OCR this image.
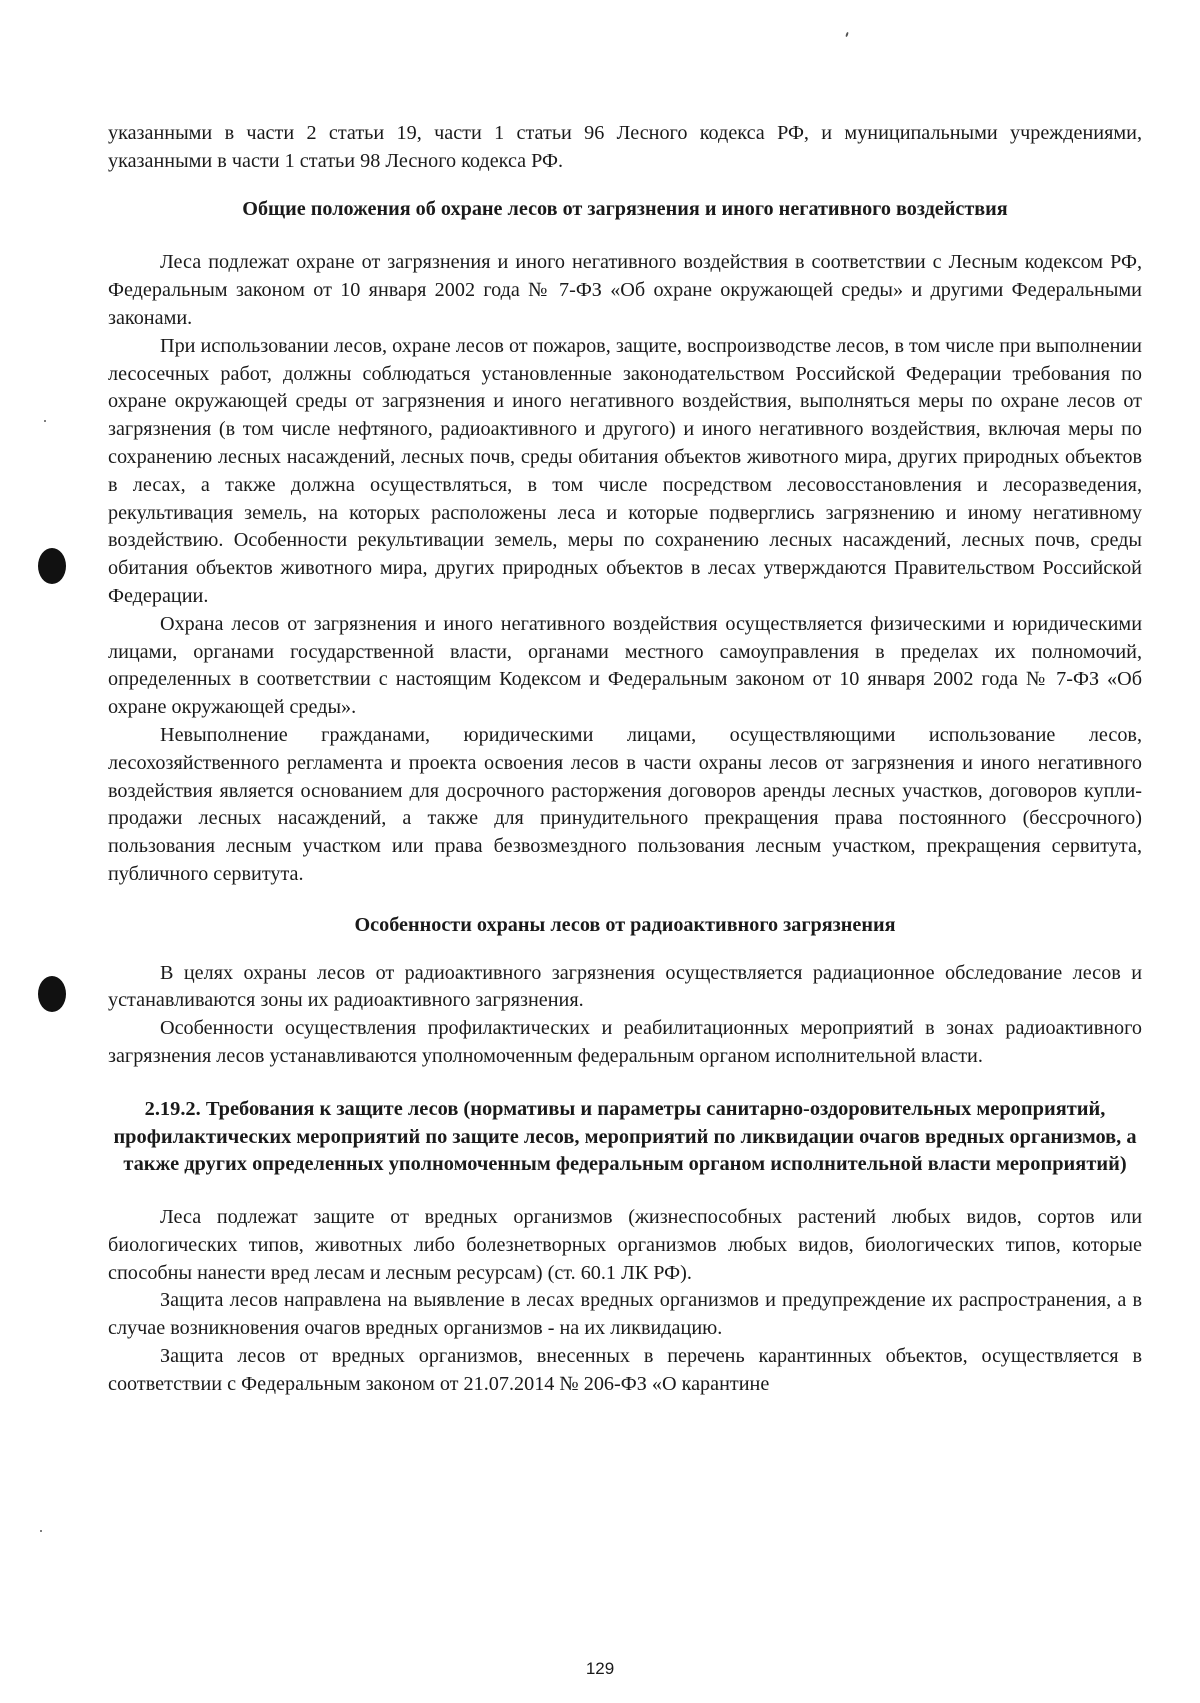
указанными в части 2 статьи 19, части 1 статьи 96 Лесного кодекса РФ, и муниципальными учреждениями, указанными в части 1 статьи 98 Лесного кодекса РФ.

Общие положения об охране лесов от загрязнения и иного негативного воздействия

Леса подлежат охране от загрязнения и иного негативного воздействия в соответствии с Лесным кодексом РФ, Федеральным законом от 10 января 2002 года № 7-ФЗ «Об охране окружающей среды» и другими Федеральными законами.

При использовании лесов, охране лесов от пожаров, защите, воспроизводстве лесов, в том числе при выполнении лесосечных работ, должны соблюдаться установленные законодательством Российской Федерации требования по охране окружающей среды от загрязнения и иного негативного воздействия, выполняться меры по охране лесов от загрязнения (в том числе нефтяного, радиоактивного и другого) и иного негативного воздействия, включая меры по сохранению лесных насаждений, лесных почв, среды обитания объектов животного мира, других природных объектов в лесах, а также должна осуществляться, в том числе посредством лесовосстановления и лесоразведения, рекультивация земель, на которых расположены леса и которые подверглись загрязнению и иному негативному воздействию. Особенности рекультивации земель, меры по сохранению лесных насаждений, лесных почв, среды обитания объектов животного мира, других природных объектов в лесах утверждаются Правительством Российской Федерации.

Охрана лесов от загрязнения и иного негативного воздействия осуществляется физическими и юридическими лицами, органами государственной власти, органами местного самоуправления в пределах их полномочий, определенных в соответствии с настоящим Кодексом и Федеральным законом от 10 января 2002 года № 7-ФЗ «Об охране окружающей среды».

Невыполнение гражданами, юридическими лицами, осуществляющими использование лесов, лесохозяйственного регламента и проекта освоения лесов в части охраны лесов от загрязнения и иного негативного воздействия является основанием для досрочного расторжения договоров аренды лесных участков, договоров купли-продажи лесных насаждений, а также для принудительного прекращения права постоянного (бессрочного) пользования лесным участком или права безвозмездного пользования лесным участком, прекращения сервитута, публичного сервитута.

Особенности охраны лесов от радиоактивного загрязнения

В целях охраны лесов от радиоактивного загрязнения осуществляется радиационное обследование лесов и устанавливаются зоны их радиоактивного загрязнения.

Особенности осуществления профилактических и реабилитационных мероприятий в зонах радиоактивного загрязнения лесов устанавливаются уполномоченным федеральным органом исполнительной власти.

2.19.2. Требования к защите лесов (нормативы и параметры санитарно-оздоровительных мероприятий, профилактических мероприятий по защите лесов, мероприятий по ликвидации очагов вредных организмов, а также других определенных уполномоченным федеральным органом исполнительной власти мероприятий)

Леса подлежат защите от вредных организмов (жизнеспособных растений любых видов, сортов или биологических типов, животных либо болезнетворных организмов любых видов, биологических типов, которые способны нанести вред лесам и лесным ресурсам) (ст. 60.1 ЛК РФ).

Защита лесов направлена на выявление в лесах вредных организмов и предупреждение их распространения, а в случае возникновения очагов вредных организмов - на их ликвидацию.

Защита лесов от вредных организмов, внесенных в перечень карантинных объектов, осуществляется в соответствии с Федеральным законом от 21.07.2014 № 206-ФЗ «О карантине

129
